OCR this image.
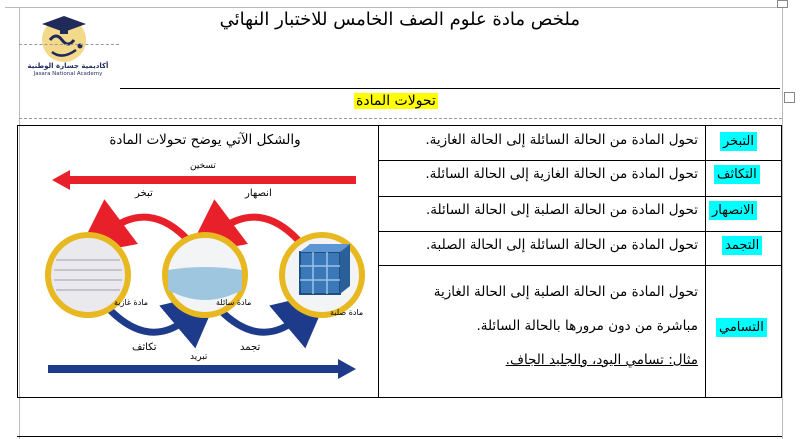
أكاديمية جسارة الوطنية
Jasara National Academy
ملخص مادة علوم الصف الخامس للاختبار النهائي
تحولات المادة
التبخر
تحول المادة من الحالة السائلة إلى الحالة الغازية.
التكاثف
تحول المادة من الحالة الغازية إلى الحالة السائلة.
الانصهار
تحول المادة من الحالة الصلبة إلى الحالة السائلة.
التجمد
تحول المادة من الحالة السائلة إلى الحالة الصلبة.
التسامي
تحول المادة من الحالة الصلبة إلى الحالة الغازية
مباشرة من دون مرورها بالحالة السائلة.
مثال: تسامي اليود، والجليد الجاف.
والشكل الآتي يوضح تحولات المادة
تسخين
تبخر	انصهار
مادة غازية	مادة سائلة
مادة صلبة
تكاثف	تجمد
تبريد
